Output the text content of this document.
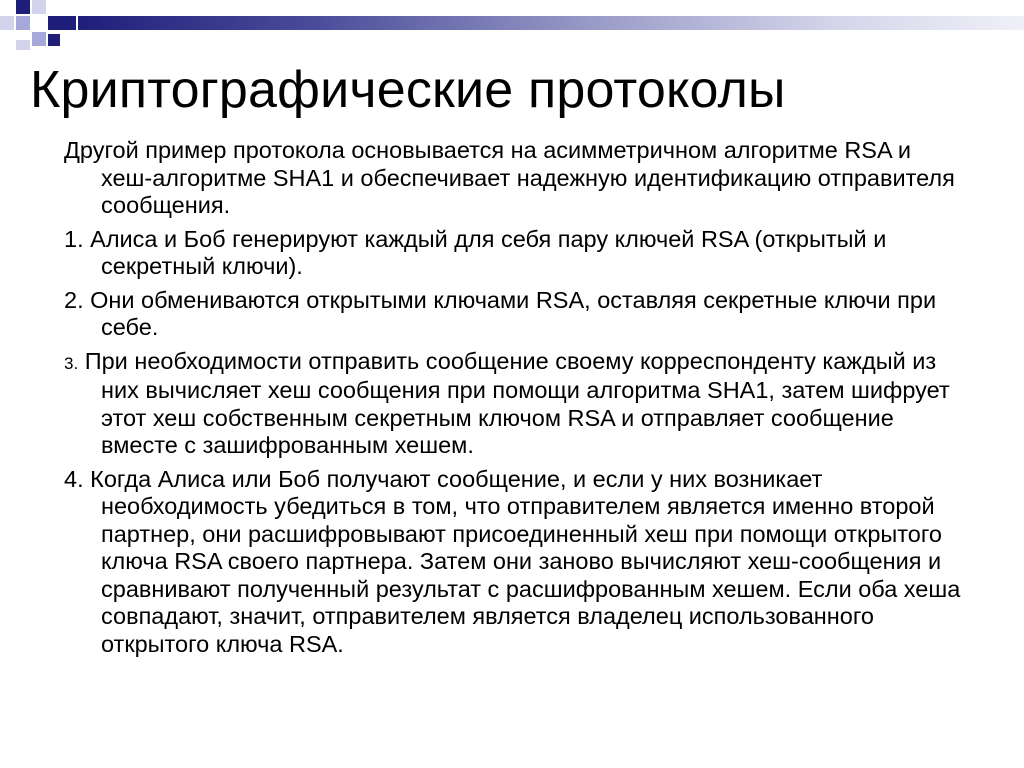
Криптографические протоколы

Другой пример протокола основывается на асимметричном алгоритме RSA и хеш-алгоритме SHA1 и обеспечивает надежную идентификацию отправителя сообщения.

1. Алиса и Боб генерируют каждый для себя пару ключей RSA (открытый и секретный ключи).

2. Они обмениваются открытыми ключами RSA, оставляя секретные ключи при себе.

3. При необходимости отправить сообщение своему корреспонденту каждый из них вычисляет хеш сообщения при помощи алгоритма SHA1, затем шифрует этот хеш собственным секретным ключом RSA и отправляет сообщение вместе с зашифрованным хешем.

4. Когда Алиса или Боб получают сообщение, и если у них возникает необходимость убедиться в том, что отправителем является именно второй партнер, они расшифровывают присоединенный хеш при помощи открытого ключа RSA своего партнера. Затем они заново вычисляют хеш-сообщения и сравнивают полученный результат с расшифрованным хешем. Если оба хеша совпадают, значит, отправителем является владелец использованного открытого ключа RSA.
